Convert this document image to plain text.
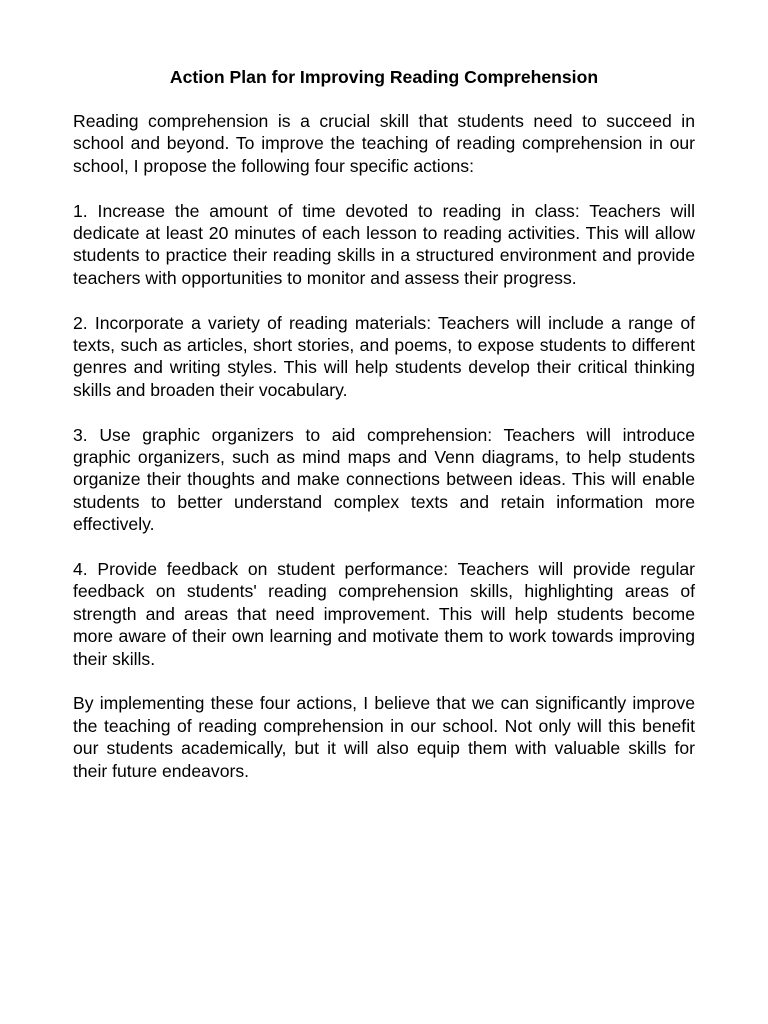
Action Plan for Improving Reading Comprehension

Reading comprehension is a crucial skill that students need to succeed in school and beyond. To improve the teaching of reading comprehension in our school, I propose the following four specific actions:

1. Increase the amount of time devoted to reading in class: Teachers will dedicate at least 20 minutes of each lesson to reading activities. This will allow students to practice their reading skills in a structured environment and provide teachers with opportunities to monitor and assess their progress.

2. Incorporate a variety of reading materials: Teachers will include a range of texts, such as articles, short stories, and poems, to expose students to different genres and writing styles. This will help students develop their critical thinking skills and broaden their vocabulary.

3. Use graphic organizers to aid comprehension: Teachers will introduce graphic organizers, such as mind maps and Venn diagrams, to help students organize their thoughts and make connections between ideas. This will enable students to better understand complex texts and retain information more effectively.

4. Provide feedback on student performance: Teachers will provide regular feedback on students' reading comprehension skills, highlighting areas of strength and areas that need improvement. This will help students become more aware of their own learning and motivate them to work towards improving their skills.

By implementing these four actions, I believe that we can significantly improve the teaching of reading comprehension in our school. Not only will this benefit our students academically, but it will also equip them with valuable skills for their future endeavors.
